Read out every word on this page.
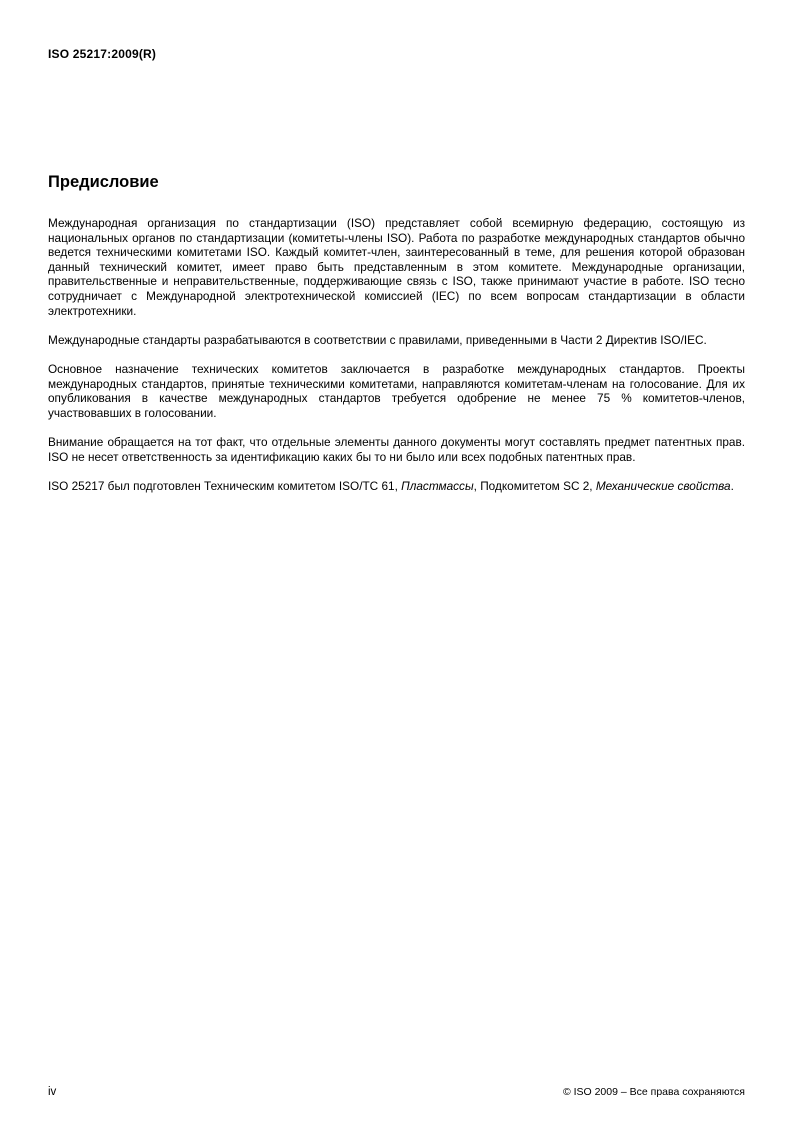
ISO 25217:2009(R)
Предисловие

Международная организация по стандартизации (ISO) представляет собой всемирную федерацию, состоящую из национальных органов по стандартизации (комитеты-члены ISO). Работа по разработке международных стандартов обычно ведется техническими комитетами ISO. Каждый комитет-член, заинтересованный в теме, для решения которой образован данный технический комитет, имеет право быть представленным в этом комитете. Международные организации, правительственные и неправительственные, поддерживающие связь с ISO, также принимают участие в работе. ISO тесно сотрудничает с Международной электротехнической комиссией (IEC) по всем вопросам стандартизации в области электротехники.

Международные стандарты разрабатываются в соответствии с правилами, приведенными в Части 2 Директив ISO/IEC.

Основное назначение технических комитетов заключается в разработке международных стандартов. Проекты международных стандартов, принятые техническими комитетами, направляются комитетам-членам на голосование. Для их опубликования в качестве международных стандартов требуется одобрение не менее 75 % комитетов-членов, участвовавших в голосовании.

Внимание обращается на тот факт, что отдельные элементы данного документы могут составлять предмет патентных прав. ISO не несет ответственность за идентификацию каких бы то ни было или всех подобных патентных прав.

ISO 25217 был подготовлен Техническим комитетом ISO/TC 61, Пластмассы, Подкомитетом SC 2, Механические свойства.

iv	© ISO 2009 – Все права сохраняются
